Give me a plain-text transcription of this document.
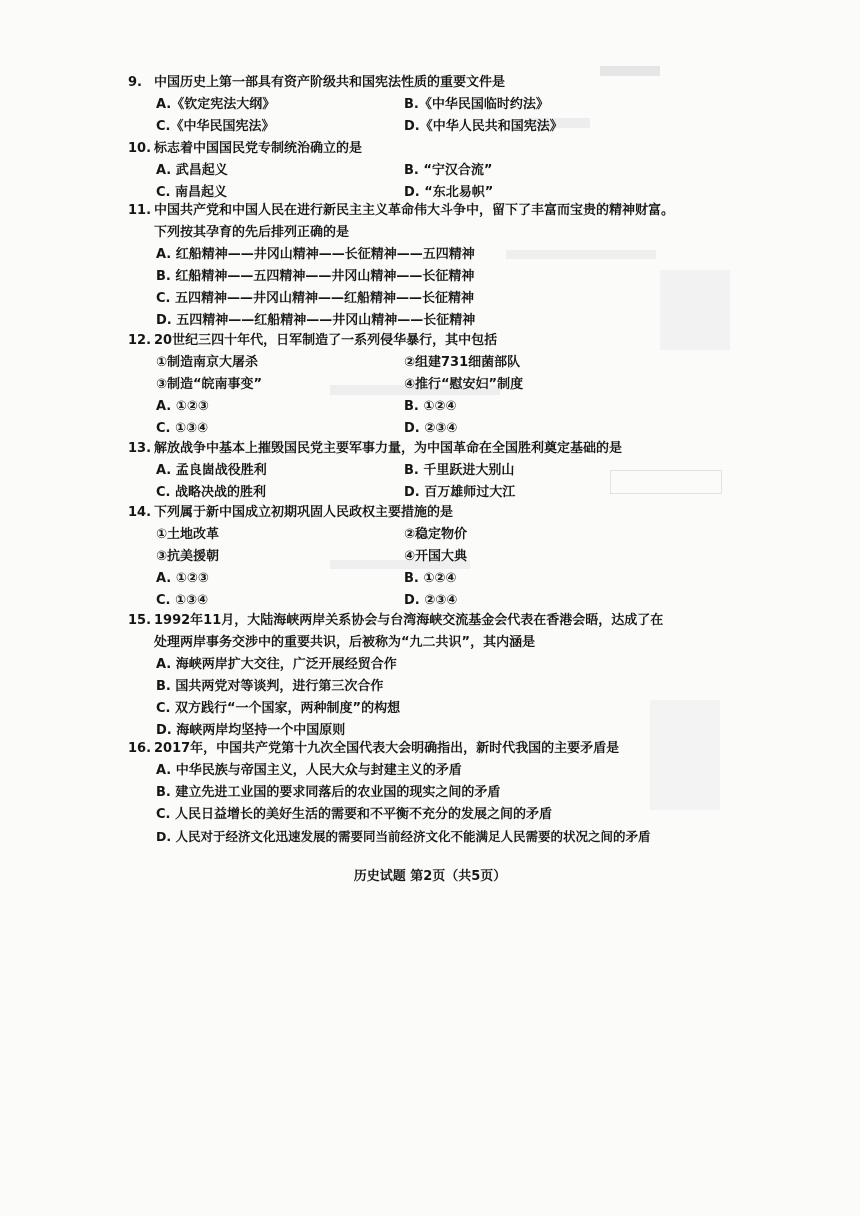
9. 中国历史上第一部具有资产阶级共和国宪法性质的重要文件是
A.《钦定宪法大纲》	B.《中华民国临时约法》
C.《中华民国宪法》	D.《中华人民共和国宪法》
10. 标志着中国国民党专制统治确立的是
A. 武昌起义	B. “宁汉合流”
C. 南昌起义	D. “东北易帜”
11. 中国共产党和中国人民在进行新民主主义革命伟大斗争中，留下了丰富而宝贵的精神财富。
下列按其孕育的先后排列正确的是
A. 红船精神——井冈山精神——长征精神——五四精神
B. 红船精神——五四精神——井冈山精神——长征精神
C. 五四精神——井冈山精神——红船精神——长征精神
D. 五四精神——红船精神——井冈山精神——长征精神
12. 20世纪三四十年代，日军制造了一系列侵华暴行，其中包括
①制造南京大屠杀	②组建731细菌部队
③制造“皖南事变”	④推行“慰安妇”制度
A. ①②③	B. ①②④
C. ①③④	D. ②③④
13. 解放战争中基本上摧毁国民党主要军事力量，为中国革命在全国胜利奠定基础的是
A. 孟良崮战役胜利	B. 千里跃进大别山
C. 战略决战的胜利	D. 百万雄师过大江
14. 下列属于新中国成立初期巩固人民政权主要措施的是
①土地改革	②稳定物价
③抗美援朝	④开国大典
A. ①②③	B. ①②④
C. ①③④	D. ②③④
15. 1992年11月，大陆海峡两岸关系协会与台湾海峡交流基金会代表在香港会晤，达成了在
处理两岸事务交涉中的重要共识，后被称为“九二共识”，其内涵是
A. 海峡两岸扩大交往，广泛开展经贸合作
B. 国共两党对等谈判，进行第三次合作
C. 双方践行“一个国家，两种制度”的构想
D. 海峡两岸均坚持一个中国原则
16. 2017年，中国共产党第十九次全国代表大会明确指出，新时代我国的主要矛盾是
A. 中华民族与帝国主义，人民大众与封建主义的矛盾
B. 建立先进工业国的要求同落后的农业国的现实之间的矛盾
C. 人民日益增长的美好生活的需要和不平衡不充分的发展之间的矛盾
D. 人民对于经济文化迅速发展的需要同当前经济文化不能满足人民需要的状况之间的矛盾
历史试题 第2页（共5页）
